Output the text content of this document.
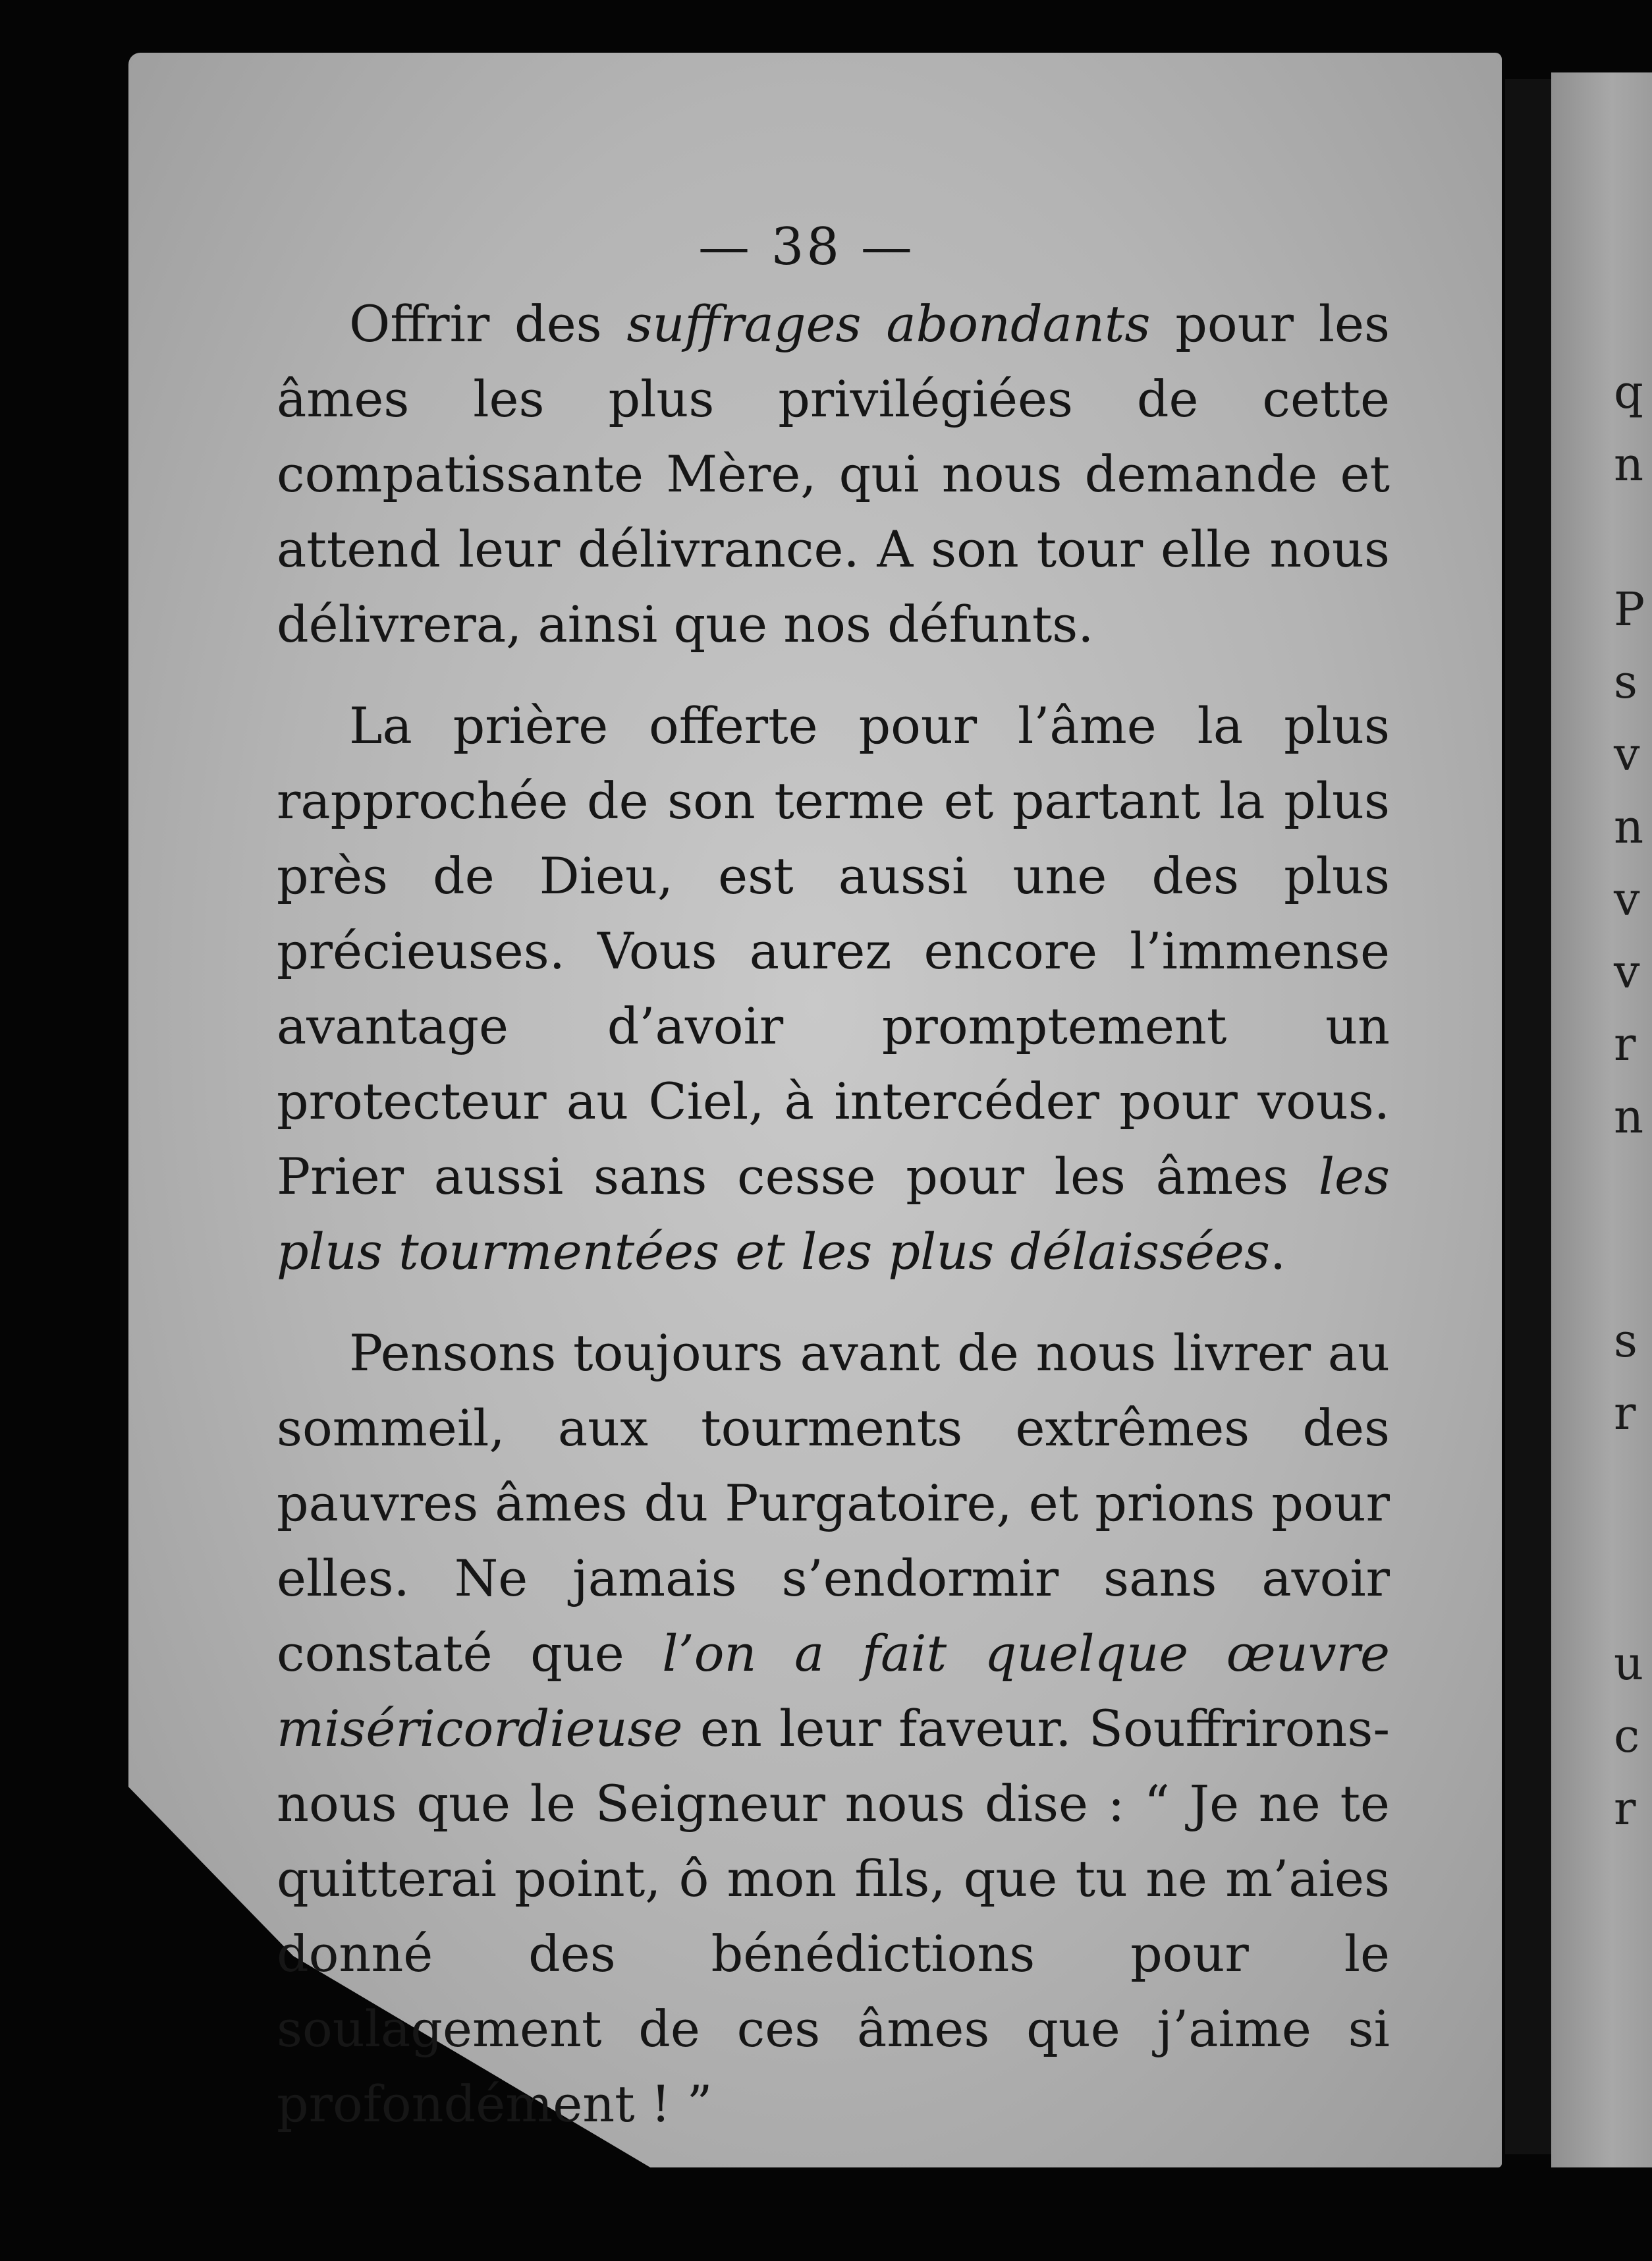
q
n
P
s
v
n
v
v
r
n
s
r
u
c
r
— 38 —

Offrir des suffrages abondants pour les âmes les plus privilégiées de cette compatissante Mère, qui nous demande et attend leur délivrance. A son tour elle nous délivrera, ainsi que nos défunts.

La prière offerte pour l’âme la plus rapprochée de son terme et partant la plus près de Dieu, est aussi une des plus précieuses. Vous aurez encore l’immense avantage d’avoir promptement un protecteur au Ciel, à intercéder pour vous. Prier aussi sans cesse pour les âmes les plus tourmentées et les plus délaissées.

Pensons toujours avant de nous livrer au sommeil, aux tourments extrêmes des pauvres âmes du Purgatoire, et prions pour elles. Ne jamais s’endormir sans avoir constaté que l’on a fait quelque œuvre miséricordieuse en leur faveur. Souffrirons-nous que le Seigneur nous dise : “ Je ne te quitterai point, ô mon fils, que tu ne m’aies donné des bénédictions pour le soulagement de ces âmes que j’aime si profondément ! ”
